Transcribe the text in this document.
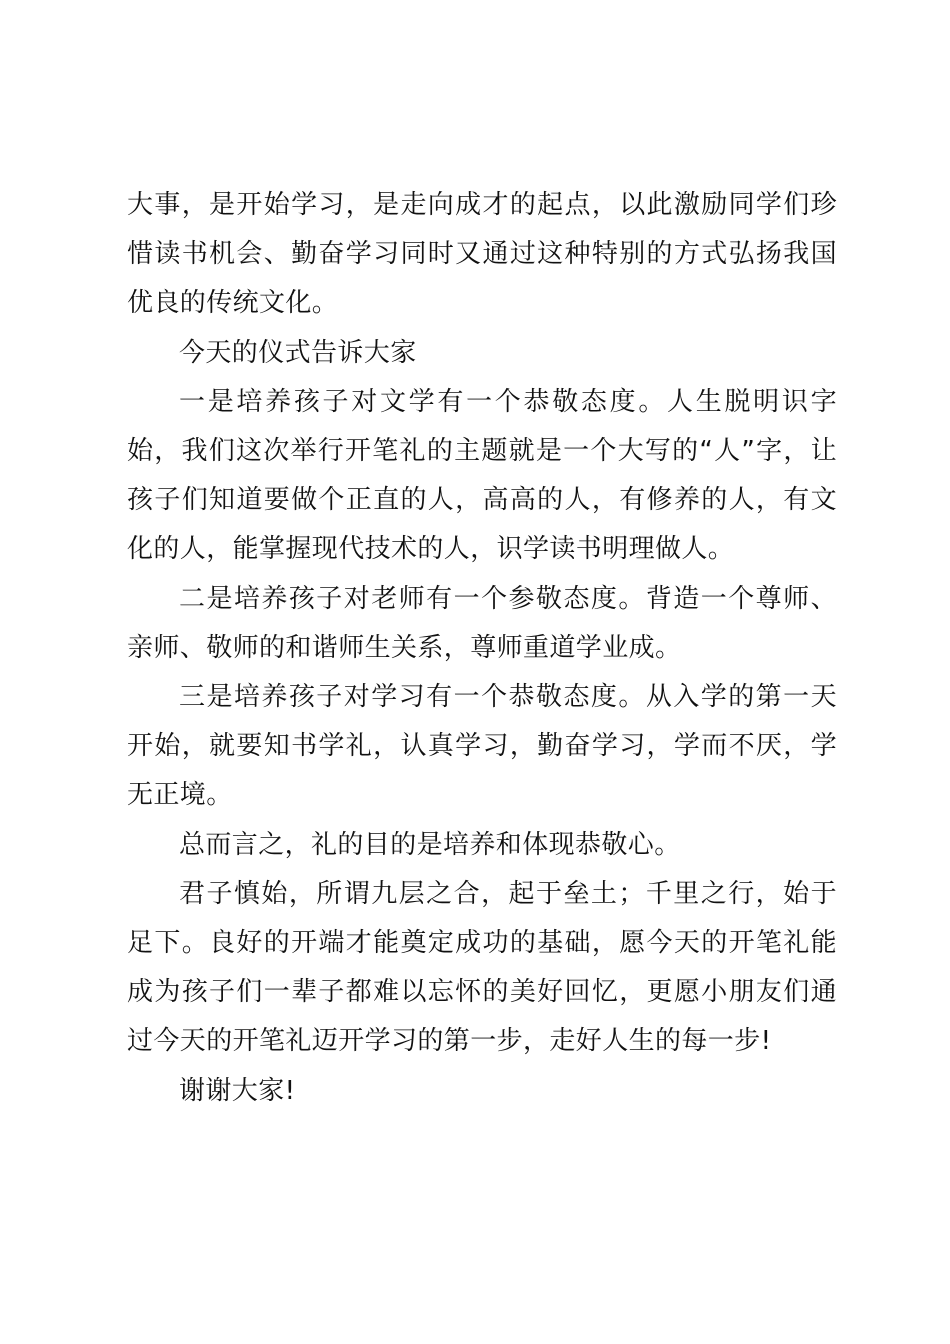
大事，是开始学习，是走向成才的起点，以此激励同学们珍惜读书机会、勤奋学习同时又通过这种特别的方式弘扬我国优良的传统文化。

今天的仪式告诉大家

一是培养孩子对文学有一个恭敬态度。人生脱明识字始，我们这次举行开笔礼的主题就是一个大写的“人”字，让孩子们知道要做个正直的人，高高的人，有修养的人，有文化的人，能掌握现代技术的人，识学读书明理做人。

二是培养孩子对老师有一个参敬态度。背造一个尊师、亲师、敬师的和谐师生关系，尊师重道学业成。

三是培养孩子对学习有一个恭敬态度。从入学的第一天开始，就要知书学礼，认真学习，勤奋学习，学而不厌，学无正境。

总而言之，礼的目的是培养和体现恭敬心。

君子慎始，所谓九层之合，起于垒土；千里之行，始于足下。良好的开端才能奠定成功的基础，愿今天的开笔礼能成为孩子们一辈子都难以忘怀的美好回忆，更愿小朋友们通过今天的开笔礼迈开学习的第一步，走好人生的每一步!

谢谢大家!
